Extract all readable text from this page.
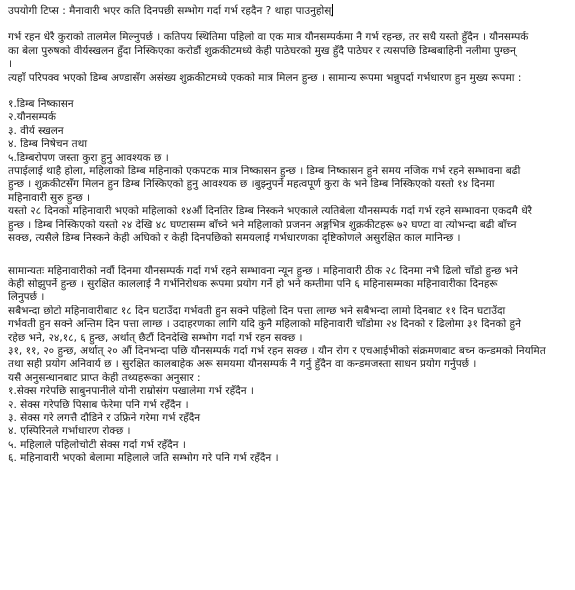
उपयोगी टिप्स : मैनावारी भएर कति दिनपछी सम्भोग गर्दा गर्भ रहदैन ? थाहा पाउनुहोस्
गर्भ रहन धेरै कुराको तालमेल मिल्नुपर्छ । कतिपय स्थितिमा पहिलो वा एक मात्र यौनसम्पर्कमा नै गर्भ रहन्छ, तर सधै यस्तो हुँदैन । यौनसम्पर्क
का बेला पुरुषको वीर्यस्खलन हुँदा निस्किएका करोडौं शुक्रकीटमध्ये केही पाठेघरको मुख हुँदै पाठेघर र त्यसपछि डिम्बबाहिनी नलीमा पुग्छन्
।
त्यहाँ परिपक्व भएको डिम्ब अण्डासँग असंख्य शुक्रकीटमध्ये एकको मात्र मिलन हुन्छ । सामान्य रूपमा भन्नुपर्दा गर्भधारण हुन मुख्य रूपमा :
१.डिम्ब निष्कासन
२.यौनसम्पर्क
३. वीर्य स्खलन
४. डिम्ब निषेचन तथा
५.डिम्बरोपण जस्ता कुरा हुनु आवश्यक छ ।
तपाईलाई थाहै होला, महिलाको डिम्ब महिनाको एकपटक मात्र निष्कासन हुन्छ । डिम्ब निष्कासन हुने समय नजिक गर्भ रहने सम्भावना बढी
हुन्छ । शुक्रकीटसँग मिलन हुन डिम्ब निस्किएको हुनु आवश्यक छ ।बुझ्नुपर्ने महत्वपूर्ण कुरा के भने डिम्ब निस्किएको यस्तो १४ दिनमा
महिनावारी सुरु हुन्छ ।
यस्तो २८ दिनको महिनावारी भएको महिलाको १४औं दिनतिर डिम्ब निस्कने भएकाले त्यतिबेला यौनसम्पर्क गर्दा गर्भ रहने सम्भावना एकदमै धेरै
हुन्छ । डिम्ब निस्किएको यस्तो २४ देखि ४८ घण्टासम्म बाँच्ने भने महिलाको प्रजनन अङ्गभित्र शुक्रकीटहरू ७२ घण्टा वा त्योभन्दा बढी बाँच्न
सक्छ, त्यसैले डिम्ब निस्कने केही अघिको र केही दिनपछिको समयलाई गर्भधारणका दृष्टिकोणले असुरक्षित काल मानिन्छ ।
सामान्यतः महिनावारीको नवौं दिनमा यौनसम्पर्क गर्दा गर्भ रहने सम्भावना न्यून हुन्छ । महिनावारी ठीक २८ दिनमा नभै ढिलो चाँडो हुन्छ भने
केही सोझुपर्ने हुन्छ । सुरक्षित काललाई नै गर्भनिरोधक रूपमा प्रयोग गर्ने हो भने कम्तीमा पनि ६ महिनासम्मका महिनावारीका दिनहरू
लिनुपर्छ ।
सबैभन्दा छोटो महिनावारीबाट १८ दिन घटाउँदा गर्भवती हुन सक्ने पहिलो दिन पत्ता लाग्छ भने सबैभन्दा लामो दिनबाट ११ दिन घटाउँदा
गर्भवती हुन सक्ने अन्तिम दिन पत्ता लाग्छ । उदाहरणका लागि यदि कुनै महिलाको महिनावारी चाँडोमा २४ दिनको र ढिलोमा ३१ दिनको हुने
रहेछ भने, २४,१८, ६ हुन्छ, अर्थात् छैटौं दिनदेखि सम्भोग गर्दा गर्भ रहन सक्छ ।
३१, ११, २० हुन्छ, अर्थात् २० औं दिनभन्दा पछि यौनसम्पर्क गर्दा गर्भ रहन सक्छ । यौन रोग र एचआईभीको संक्रमणबाट बच्न कन्डमको नियमित
तथा सही प्रयोग अनिवार्य छ । सुरक्षित कालबाहेक अरू समयमा यौनसम्पर्क नै गर्नु हुँदैन वा कन्डमजस्ता साधन प्रयोग गर्नुपर्छ ।
यसै अनुसन्धानबाट प्राप्त केही तथ्यहरूका अनुसार :
१.सेक्स गरेपछि साबुनपानीले योनी राम्रोसंग पखालेमा गर्भ रहँदैन ।
२. सेक्स गरेपछि पिसाब फेरेमा पनि गर्भ रहँदैन ।
३. सेक्स गरे लगत्तै दौडिने र उफ्रिने गरेमा गर्भ रहँदैन
४. एस्पिरिनले गर्भाधारण रोक्छ ।
५. महिलाले पहिलोचोटी सेक्स गर्दा गर्भ रहँदैन ।
६. महिनावारी भएको बेलामा महिलाले जति सम्भोग गरे पनि गर्भ रहँदैन ।
